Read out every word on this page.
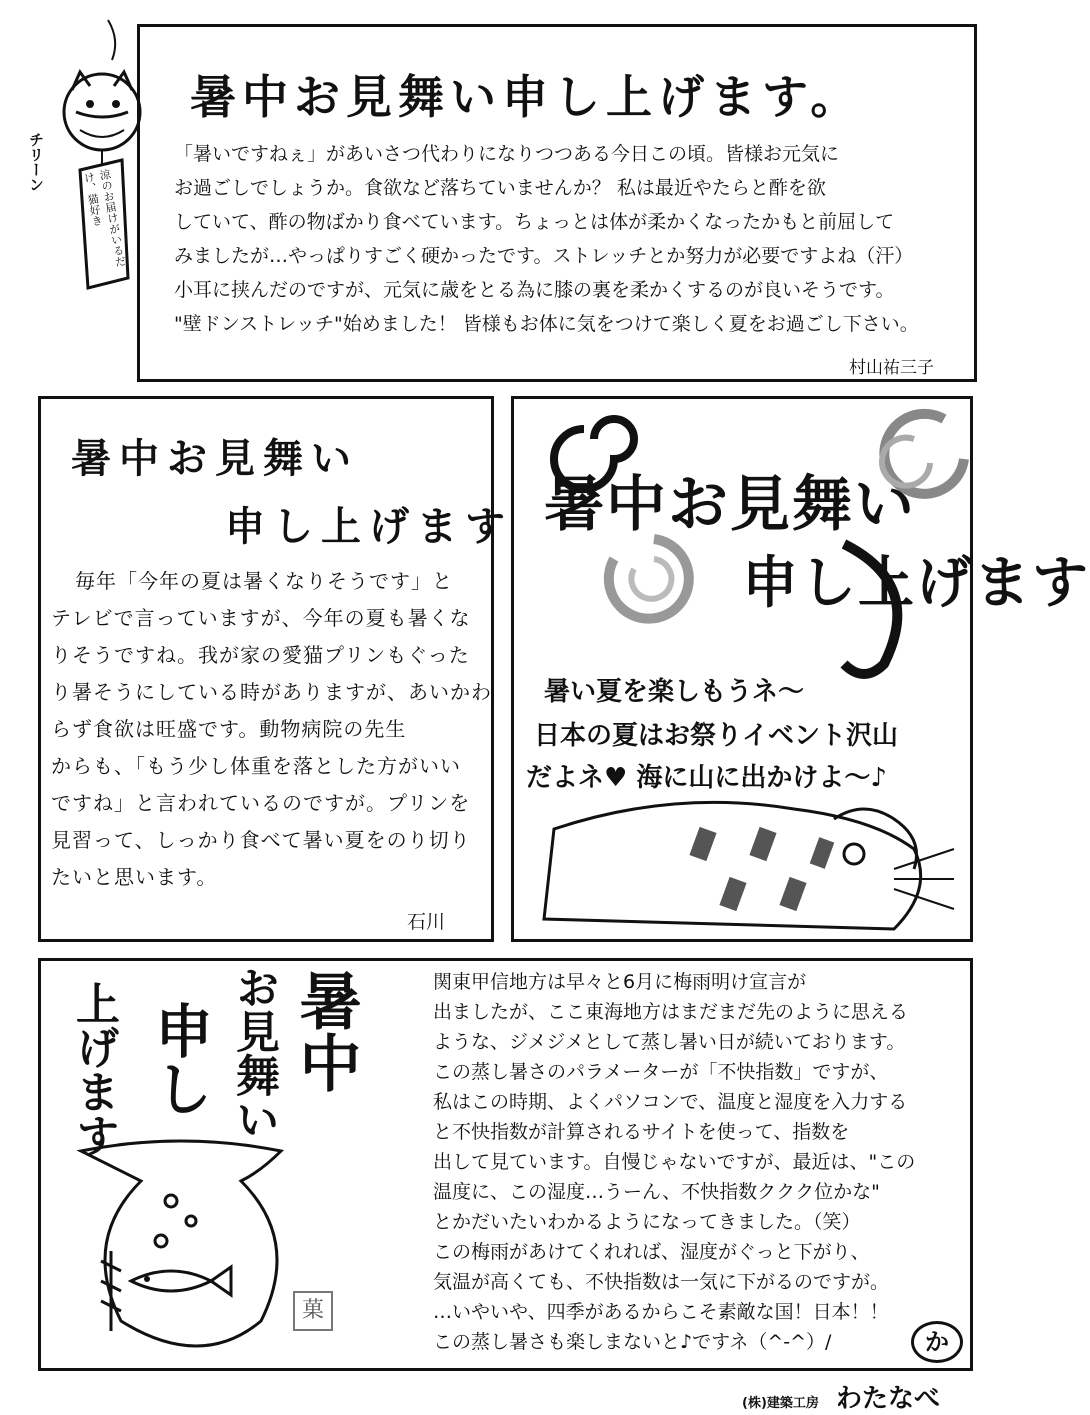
チリーン
涼のお届けがいるだけ、猫好き
暑中お見舞い申し上げます。
「暑いですねぇ」があいさつ代わりになりつつある今日この頃。皆様お元気に
お過ごしでしょうか。食欲など落ちていませんか？ 私は最近やたらと酢を欲
していて、酢の物ばかり食べています。ちょっとは体が柔かくなったかもと前屈して
みましたが…やっぱりすごく硬かったです。ストレッチとか努力が必要ですよね（汗）
小耳に挟んだのですが、元気に歳をとる為に膝の裏を柔かくするのが良いそうです。
"壁ドンストレッチ"始めました！ 皆様もお体に気をつけて楽しく夏をお過ごし下さい。
村山祐三子
暑中お見舞い
申し上げます
毎年「今年の夏は暑くなりそうです」と
テレビで言っていますが、今年の夏も暑くな
りそうですね。我が家の愛猫プリンもぐった
り暑そうにしている時がありますが、あいかわ
らず食欲は旺盛です。動物病院の先生
からも、「もう少し体重を落とした方がいい
ですね」と言われているのですが。プリンを
見習って、しっかり食べて暑い夏をのり切り
たいと思います。
石川
暑中お見舞い
申し上げます
暑い夏を楽しもうネ〜
日本の夏はお祭りイベント沢山
だよネ♥ 海に山に出かけよ〜♪
暑中
お見舞い
申し
上げます
菓
関東甲信地方は早々と6月に梅雨明け宣言が
出ましたが、ここ東海地方はまだまだ先のように思える
ような、ジメジメとして蒸し暑い日が続いております。
この蒸し暑さのパラメーターが「不快指数」ですが、
私はこの時期、よくパソコンで、温度と湿度を入力する
と不快指数が計算されるサイトを使って、指数を
出して見ています。自慢じゃないですが、最近は、"この
温度に、この湿度…うーん、不快指数ククク位かな"
とかだいたいわかるようになってきました。（笑）
この梅雨があけてくれれば、湿度がぐっと下がり、
気温が高くても、不快指数は一気に下がるのですが。
…いやいや、四季があるからこそ素敵な国！日本！！
この蒸し暑さも楽しまないと♪ですネ（^-^）/	か
(株)建築工房 わたなべ
